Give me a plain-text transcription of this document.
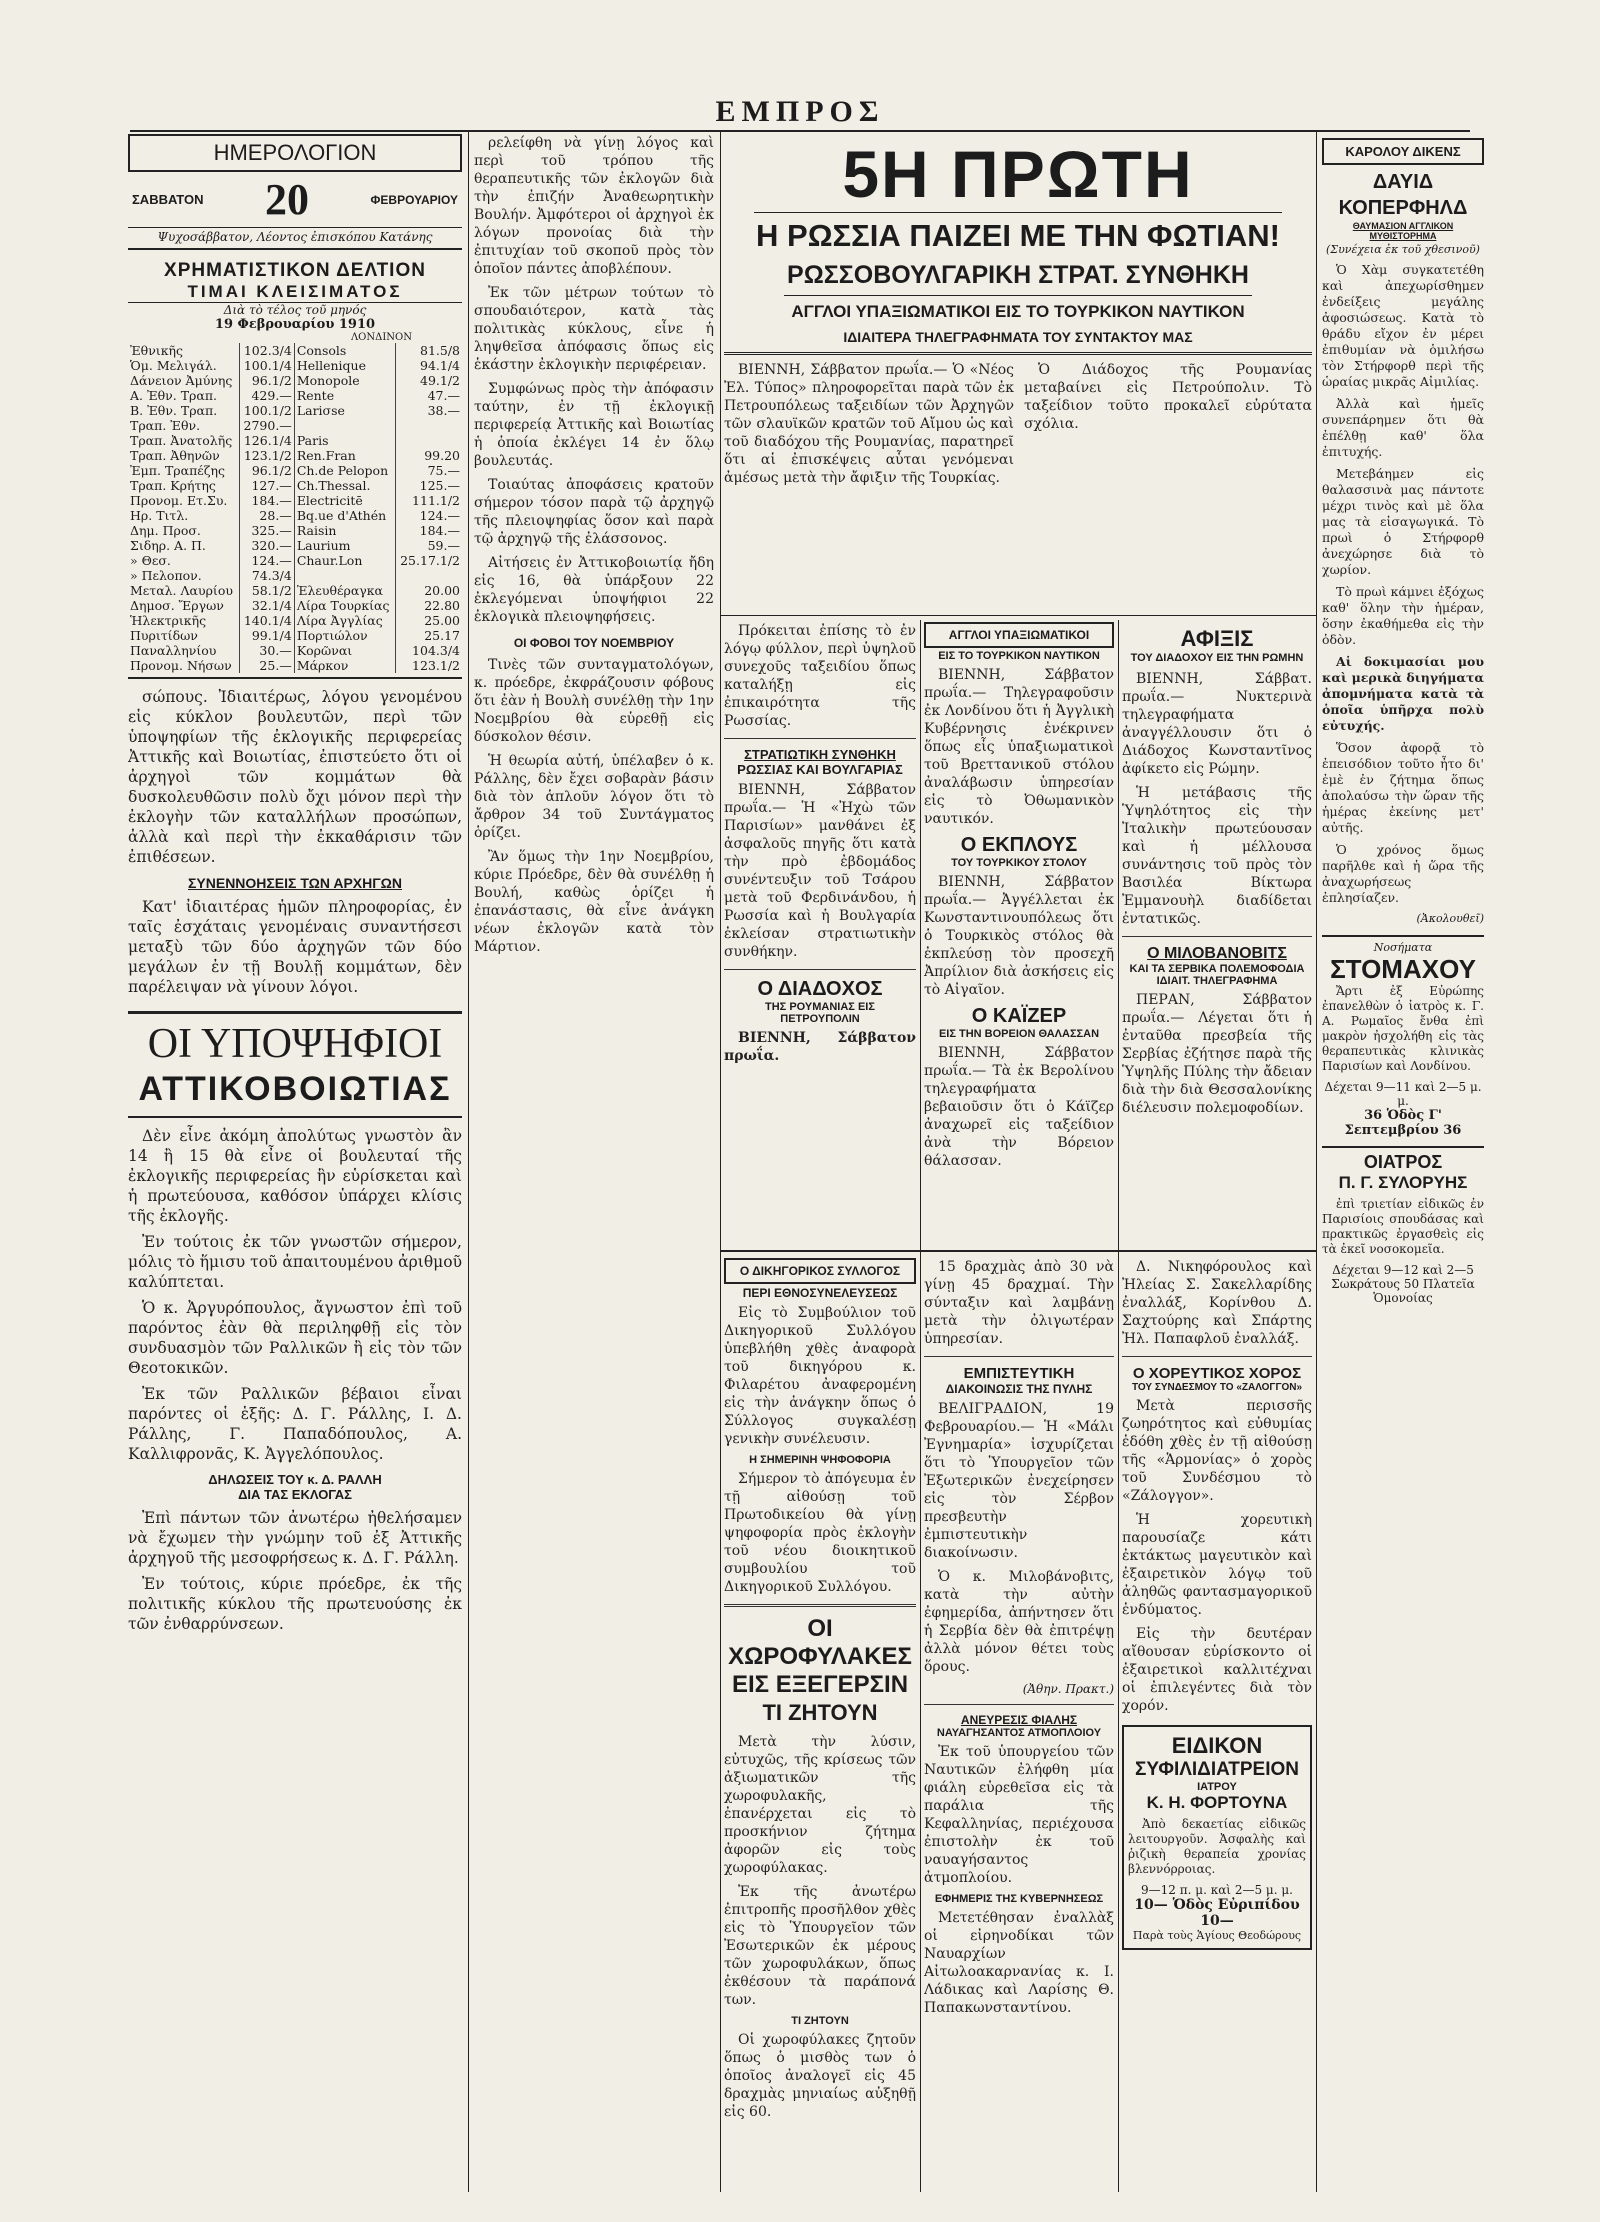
ΕΜΠΡΟΣ
ΗΜΕΡΟΛΟΓΙΟΝ
ΣΑΒΒΑΤΟΝ 20	ΦΕΒΡΟΥΑΡΙΟΥ
Ψυχοσάββατον, Λέοντος ἐπισκόπου Κατάνης
ΧΡΗΜΑΤΙΣΤΙΚΟΝ ΔΕΛΤΙΟΝ
ΤΙΜΑΙ ΚΛΕΙΣΙΜΑΤΟΣ
Διὰ τὸ τέλος τοῦ μηνός
19 Φεβρουαρίου 1910
ΛΟΝΔΙΝΟΝ
Ἐθνικῆς	102.3/4	Consols	81.5/8
Ὁμ. Μελιγάλ.	100.1/4	Hellenique	94.1/4
Δάνειον Ἀμύνης	96.1/2	Monopole	49.1/2
Α. Ἐθν. Τραπ.	429.—	Rente	47.—
Β. Ἐθν. Τραπ.	100.1/2	Lariσse	38.—
Τραπ. Ἐθν.	2790.—		
Τραπ. Ἀνατολῆς	126.1/4	Paris	
Τραπ. Ἀθηνῶν	123.1/2	Ren.Fran	99.20
Ἐμπ. Τραπέζης	96.1/2	Ch.de Pelopon	75.—
Τραπ. Κρήτης	127.—	Ch.Thessal.	125.—
Προνομ. Ετ.Συ.	184.—	Electricitē	111.1/2
Ηρ. Τιτλ.	28.—	Bq.ue d'Athén	124.—
Δημ. Προσ.	325.—	Raisin	184.—
Σιδηρ. Α. Π.	320.—	Laurium	59.—
» Θεσ.	124.—	Chaur.Lon	25.17.1/2
» Πελοπον.	74.3/4		
Μεταλ. Λαυρίου	58.1/2	Ἐλευθέραγκα	20.00
Δημοσ. Ἔργων	32.1/4	Λίρα Τουρκίας	22.80
Ἡλεκτρικῆς	140.1/4	Λίρα Ἀγγλίας	25.00
Πυριτίδων	99.1/4	Πορτιώλον	25.17
Παναλληνίου	30.—	Κορῶναι	104.3/4
Προνομ. Νήσων	25.—	Μάρκον	123.1/2

σώπους. Ἰδιαιτέρως, λόγου γενομένου εἰς κύκλον βουλευτῶν, περὶ τῶν ὑποψηφίων τῆς ἐκλογικῆς περιφερείας Ἀττικῆς καὶ Βοιωτίας, ἐπιστεύετο ὅτι οἱ ἀρχηγοὶ τῶν κομμάτων θὰ δυσκολευθῶσιν πολὺ ὄχι μόνον περὶ τὴν ἐκλογὴν τῶν καταλλήλων προσώπων, ἀλλὰ καὶ περὶ τὴν ἐκκαθάρισιν τῶν ἐπιθέσεων.

ΣΥΝΕΝΝΟΗΣΕΙΣ ΤΩΝ ΑΡΧΗΓΩΝ

Κατ' ἰδιαιτέρας ἡμῶν πληροφορίας, ἐν ταῖς ἐσχάταις γενομέναις συναντήσεσι μεταξὺ τῶν δύο ἀρχηγῶν τῶν δύο μεγάλων ἐν τῇ Βουλῇ κομμάτων, δὲν παρέλειψαν νὰ γίνουν λόγοι.

ΟΙ ΥΠΟΨΗΦΙΟΙ
ΑΤΤΙΚΟΒΟΙΩΤΙΑΣ

Δὲν εἶνε ἀκόμη ἀπολύτως γνωστὸν ἂν 14 ἢ 15 θὰ εἶνε οἱ βουλευταί τῆς ἐκλογικῆς περιφερείας ἣν εὑρίσκεται καὶ ἡ πρωτεύουσα, καθόσον ὑπάρχει κλίσις τῆς ἐκλογῆς.

Ἐν τούτοις ἐκ τῶν γνωστῶν σήμερον, μόλις τὸ ἥμισυ τοῦ ἀπαιτουμένου ἀριθμοῦ καλύπτεται.

Ὁ κ. Ἀργυρόπουλος, ἄγνωστον ἐπὶ τοῦ παρόντος ἐὰν θὰ περιληφθῇ εἰς τὸν συνδυασμὸν τῶν Ραλλικῶν ἢ εἰς τὸν τῶν Θεοτοκικῶν.

Ἐκ τῶν Ραλλικῶν βέβαιοι εἶναι παρόντες οἱ ἑξῆς: Δ. Γ. Ράλλης, Ι. Δ. Ράλλης, Γ. Παπαδόπουλος, Α. Καλλιφρονᾶς, Κ. Ἀγγελόπουλος.

ΔΗΛΩΣΕΙΣ ΤΟΥ κ. Δ. ΡΑΛΛΗ
ΔΙΑ ΤΑΣ ΕΚΛΟΓΑΣ

Ἐπὶ πάντων τῶν ἀνωτέρω ἠθελήσαμεν νὰ ἔχωμεν τὴν γνώμην τοῦ ἐξ Ἀττικῆς ἀρχηγοῦ τῆς μεσοφρήσεως κ. Δ. Γ. Ράλλη.

Ἐν τούτοις, κύριε πρόεδρε, ἐκ τῆς πολιτικῆς κύκλου τῆς πρωτευούσης ἐκ τῶν ἐνθαρρύνσεων.

ρελείφθη νὰ γίνῃ λόγος καὶ περὶ τοῦ τρόπου τῆς θεραπευτικῆς τῶν ἐκλογῶν διὰ τὴν ἐπιζήν Ἀναθεωρητικὴν Βουλήν. Ἀμφότεροι οἱ ἀρχηγοὶ ἐκ λόγων προνοίας διὰ τὴν ἐπιτυχίαν τοῦ σκοποῦ πρὸς τὸν ὁποῖον πάντες ἀποβλέπουν.

Ἐκ τῶν μέτρων τούτων τὸ σπουδαιότερον, κατὰ τὰς πολιτικὰς κύκλους, εἶνε ἡ ληψθεῖσα ἀπόφασις ὅπως εἰς ἑκάστην ἐκλογικὴν περιφέρειαν.

Συμφώνως πρὸς τὴν ἀπόφασιν ταύτην, ἐν τῇ ἐκλογικῇ περιφερείᾳ Ἀττικῆς καὶ Βοιωτίας ἡ ὁποία ἐκλέγει 14 ἐν ὅλῳ βουλευτάς.

Τοιαύτας ἀποφάσεις κρατοῦν σήμερον τόσον παρὰ τῷ ἀρχηγῷ τῆς πλειοψηφίας ὅσον καὶ παρὰ τῷ ἀρχηγῷ τῆς ἐλάσσονος.

Αἰτήσεις ἐν Ἀττικοβοιωτίᾳ ἤδη εἰς 16, θὰ ὑπάρξουν 22 ἐκλεγόμεναι ὑποψήφιοι 22 ἐκλογικὰ πλειοψηφήσεις.

ΟΙ ΦΟΒΟΙ ΤΟΥ ΝΟΕΜΒΡΙΟΥ

Τινὲς τῶν συνταγματολόγων, κ. πρόεδρε, ἐκφράζουσιν φόβους ὅτι ἐὰν ἡ Βουλὴ συνέλθῃ τὴν 1ην Νοεμβρίου θὰ εὑρεθῇ εἰς δύσκολον θέσιν.

Ἡ θεωρία αὐτή, ὑπέλαβεν ὁ κ. Ράλλης, δὲν ἔχει σοβαρὰν βάσιν διὰ τὸν ἁπλοῦν λόγον ὅτι τὸ ἄρθρον 34 τοῦ Συντάγματος ὁρίζει.

Ἂν ὅμως τὴν 1ην Νοεμβρίου, κύριε Πρόεδρε, δὲν θὰ συνέλθῃ ἡ Βουλή, καθὼς ὁρίζει ἡ ἐπανάστασις, θὰ εἶνε ἀνάγκη νέων ἐκλογῶν κατὰ τὸν Μάρτιον.

5Η ΠΡΩΤΗ
Η ΡΩΣΣΙΑ ΠΑΙΖΕΙ ΜΕ ΤΗΝ ΦΩΤΙΑΝ!
ΡΩΣΣΟΒΟΥΛΓΑΡΙΚΗ ΣΤΡΑΤ. ΣΥΝΘΗΚΗ
ΑΓΓΛΟΙ ΥΠΑΞΙΩΜΑΤΙΚΟΙ ΕΙΣ ΤΟ ΤΟΥΡΚΙΚΟΝ ΝΑΥΤΙΚΟΝ
ΙΔΙΑΙΤΕΡΑ ΤΗΛΕΓΡΑΦΗΜΑΤΑ ΤΟΥ ΣΥΝΤΑΚΤΟΥ ΜΑΣ

ΒΙΕΝΝΗ, Σάββατον πρωΐα.— Ὁ «Νέος Ἐλ. Τύπος» πληροφορεῖται παρὰ τῶν ἐκ Πετρουπόλεως ταξειδίων τῶν Ἀρχηγῶν τῶν σλαυϊκῶν κρατῶν τοῦ Αἴμου ὡς καὶ τοῦ διαδόχου τῆς Ρουμανίας, παρατηρεῖ ὅτι αἱ ἐπισκέψεις αὗται γενόμεναι ἀμέσως μετὰ τὴν ἄφιξιν τῆς Τουρκίας.

Ὁ Διάδοχος τῆς Ρουμανίας μεταβαίνει εἰς Πετρούπολιν. Τὸ ταξείδιον τοῦτο προκαλεῖ εὐρύτατα σχόλια.

ΚΑΡΟΛΟΥ ΔΙΚΕΝΣ
ΔΑΥΙΔ ΚΟΠΕΡΦΗΛΔ
ΘΑΥΜΑΣΙΟΝ ΑΓΓΛΙΚΟΝ ΜΥΘΙΣΤΟΡΗΜΑ
(Συνέχεια ἐκ τοῦ χθεσινοῦ)

Ὁ Χὰμ συγκατετέθη καὶ ἀπεχωρίσθημεν ἐνδείξεις μεγάλης ἀφοσιώσεως. Κατὰ τὸ θράδυ εἴχον ἐν μέρει ἐπιθυμίαν νὰ ὁμιλήσω τὸν Στήρφορθ περὶ τῆς ὡραίας μικρᾶς Αἰμιλίας.

Ἀλλὰ καὶ ἡμεῖς συνεπάρημεν ὅτι θὰ ἐπέλθῃ καθ' ὅλα ἐπιτυχής.

Μετεβάημεν εἰς θαλασσινὰ μας πάντοτε μέχρι τινὸς καὶ μὲ ὅλα μας τὰ εἰσαγωγικά. Τὸ πρωὶ ὁ Στήρφορθ ἀνεχώρησε διὰ τὸ χωρίον.

Τὸ πρωὶ κάμνει ἐξόχως καθ' ὅλην τὴν ἡμέραν, ὅσην ἐκαθήμεθα εἰς τὴν ὁδὸν.

Αἱ δοκιμασίαι μου καὶ μερικὰ διηγήματα ἀπομνήματα κατὰ τὰ ὁποῖα ὑπῆρχα πολὺ εὐτυχής.

Ὅσον ἀφορᾷ τὸ ἐπεισόδιον τοῦτο ἦτο δι' ἐμὲ ἐν ζήτημα ὅπως ἀπολαύσω τὴν ὥραν τῆς ἡμέρας ἐκείνης μετ' αὐτῆς.

Ὁ χρόνος ὅμως παρῆλθε καὶ ἡ ὥρα τῆς ἀναχωρήσεως ἐπλησίαζεν.

(Ἀκολουθεῖ)
Νοσήματα
ΣΤΟΜΑΧΟΥ

Ἄρτι ἐξ Εὐρώπης ἐπανελθὼν ὁ ἰατρὸς κ. Γ. Α. Ρωμαῖος ἔνθα ἐπὶ μακρὸν ἠσχολήθη εἰς τὰς θεραπευτικὰς κλινικὰς Παρισίων καὶ Λονδίνου.

Δέχεται 9—11 καὶ 2—5 μ. μ.
36 Ὁδὸς Γ' Σεπτεμβρίου 36
ΟΙΑΤΡΟΣ
Π. Γ. ΣΥΛΟΡΥΗΣ

ἐπὶ τριετίαν εἰδικῶς ἐν Παρισίοις σπουδάσας καὶ πρακτικῶς ἐργασθεὶς εἰς τὰ ἐκεῖ νοσοκομεῖα.

Δέχεται 9—12 καὶ 2—5
Σωκράτους 50 Πλατεῖα Ὁμονοίας

Πρόκειται ἐπίσης τὸ ἐν λόγῳ φύλλον, περὶ ὑψηλοῦ συνεχοῦς ταξειδίου ὅπως καταλήξῃ εἰς ἐπικαιρότητα τῆς Ρωσσίας.

ΣΤΡΑΤΙΩΤΙΚΗ ΣΥΝΘΗΚΗ
ΡΩΣΣΙΑΣ ΚΑΙ ΒΟΥΛΓΑΡΙΑΣ

ΒΙΕΝΝΗ, Σάββατον πρωΐα.— Ἡ «Ἠχὼ τῶν Παρισίων» μανθάνει ἐξ ἀσφαλοῦς πηγῆς ὅτι κατὰ τὴν πρὸ ἐβδομάδος συνέντευξιν τοῦ Τσάρου μετὰ τοῦ Φερδινάνδου, ἡ Ρωσσία καὶ ἡ Βουλγαρία ἐκλείσαν στρατιωτικὴν συνθήκην.

Ο ΔΙΑΔΟΧΟΣ
ΤΗΣ ΡΟΥΜΑΝΙΑΣ ΕΙΣ ΠΕΤΡΟΥΠΟΛΙΝ

ΒΙΕΝΝΗ, Σάββατον πρωΐα.

ΑΓΓΛΟΙ ΥΠΑΞΙΩΜΑΤΙΚΟΙ
ΕΙΣ ΤΟ ΤΟΥΡΚΙΚΟΝ ΝΑΥΤΙΚΟΝ

ΒΙΕΝΝΗ, Σάββατον πρωΐα.— Τηλεγραφοῦσιν ἐκ Λονδίνου ὅτι ἡ Ἀγγλικὴ Κυβέρνησις ἐνέκρινεν ὅπως εἷς ὑπαξιωματικοὶ τοῦ Βρεττανικοῦ στόλου ἀναλάβωσιν ὑπηρεσίαν εἰς τὸ Ὀθωμανικὸν ναυτικόν.

Ο ΕΚΠΛΟΥΣ
ΤΟΥ ΤΟΥΡΚΙΚΟΥ ΣΤΟΛΟΥ

ΒΙΕΝΝΗ, Σάββατον πρωΐα.— Ἀγγέλλεται ἐκ Κωνσταντινουπόλεως ὅτι ὁ Τουρκικὸς στόλος θὰ ἐκπλεύσῃ τὸν προσεχῆ Ἀπρίλιον διὰ ἀσκήσεις εἰς τὸ Αἰγαῖον.

Ο ΚΑΪΖΕΡ
ΕΙΣ ΤΗΝ ΒΟΡΕΙΟΝ ΘΑΛΑΣΣΑΝ

ΒΙΕΝΝΗ, Σάββατον πρωΐα.— Τὰ ἐκ Βερολίνου τηλεγραφήματα βεβαιοῦσιν ὅτι ὁ Κάϊζερ ἀναχωρεῖ εἰς ταξείδιον ἀνὰ τὴν Βόρειον θάλασσαν.

ΑΦΙΞΙΣ
ΤΟΥ ΔΙΑΔΟΧΟΥ ΕΙΣ ΤΗΝ ΡΩΜΗΝ

ΒΙΕΝΝΗ, Σάββατ. πρωΐα.— Νυκτερινὰ τηλεγραφήματα ἀναγγέλλουσιν ὅτι ὁ Διάδοχος Κωνσταντῖνος ἀφίκετο εἰς Ρώμην.

Ἡ μετάβασις τῆς Ὑψηλότητος εἰς τὴν Ἰταλικὴν πρωτεύουσαν καὶ ἡ μέλλουσα συνάντησις τοῦ πρὸς τὸν Βασιλέα Βίκτωρα Ἐμμανουὴλ διαδίδεται ἐντατικῶς.

Ο ΜΙΛΟΒΑΝΟΒΙΤΣ
ΚΑΙ ΤΑ ΣΕΡΒΙΚΑ ΠΟΛΕΜΟΦΟΔΙΑ
ΙΔΙΑΙΤ. ΤΗΛΕΓΡΑΦΗΜΑ

ΠΕΡΑΝ, Σάββατον πρωΐα.— Λέγεται ὅτι ἡ ἐνταῦθα πρεσβεία τῆς Σερβίας ἐζήτησε παρὰ τῆς Ὑψηλῆς Πύλης τὴν ἄδειαν διὰ τὴν διὰ Θεσσαλονίκης διέλευσιν πολεμοφοδίων.

Ο ΔΙΚΗΓΟΡΙΚΟΣ ΣΥΛΛΟΓΟΣ
ΠΕΡΙ ΕΘΝΟΣΥΝΕΛΕΥΣΕΩΣ

Εἰς τὸ Συμβούλιον τοῦ Δικηγορικοῦ Συλλόγου ὑπεβλήθη χθὲς ἀναφορὰ τοῦ δικηγόρου κ. Φιλαρέτου ἀναφερομένη εἰς τὴν ἀνάγκην ὅπως ὁ Σύλλογος συγκαλέσῃ γενικὴν συνέλευσιν.

Η ΣΗΜΕΡΙΝΗ ΨΗΦΟΦΟΡΙΑ

Σήμερον τὸ ἀπόγευμα ἐν τῇ αἰθούσῃ τοῦ Πρωτοδικείου θὰ γίνῃ ψηφοφορία πρὸς ἐκλογὴν τοῦ νέου διοικητικοῦ συμβουλίου τοῦ Δικηγορικοῦ Συλλόγου.

ΟΙ ΧΩΡΟΦΥΛΑΚΕΣ
ΕΙΣ ΕΞΕΓΕΡΣΙΝ
ΤΙ ΖΗΤΟΥΝ

Μετὰ τὴν λύσιν, εὐτυχῶς, τῆς κρίσεως τῶν ἀξιωματικῶν τῆς χωροφυλακῆς, ἐπανέρχεται εἰς τὸ προσκήνιον ζήτημα ἀφορῶν εἰς τοὺς χωροφύλακας.

Ἐκ τῆς ἀνωτέρω ἐπιτροπῆς προσῆλθον χθὲς εἰς τὸ Ὑπουργεῖον τῶν Ἐσωτερικῶν ἐκ μέρους τῶν χωροφυλάκων, ὅπως ἐκθέσουν τὰ παράπονά των.

ΤΙ ΖΗΤΟΥΝ

Οἱ χωροφύλακες ζητοῦν ὅπως ὁ μισθὸς των ὁ ὁποῖος ἀναλογεῖ εἰς 45 δραχμὰς μηνιαίως αὐξηθῇ εἰς 60.

15 δραχμὰς ἀπὸ 30 νὰ γίνῃ 45 δραχμαί. Τὴν σύνταξιν καὶ λαμβάνῃ μετὰ τὴν ὀλιγωτέραν ὑπηρεσίαν.

ΕΜΠΙΣΤΕΥΤΙΚΗ
ΔΙΑΚΟΙΝΩΣΙΣ ΤΗΣ ΠΥΛΗΣ

ΒΕΛΙΓΡΑΔΙΟΝ, 19 Φεβρουαρίου.— Ἡ «Μάλι Ἐγνημαρία» ἰσχυρίζεται ὅτι τὸ Ὑπουργεῖον τῶν Ἐξωτερικῶν ἐνεχείρησεν εἰς τὸν Σέρβον πρεσβευτὴν ἐμπιστευτικὴν διακοίνωσιν.

Ὁ κ. Μιλοβάνοβιτς, κατὰ τὴν αὐτὴν ἐφημερίδα, ἀπήντησεν ὅτι ἡ Σερβία δὲν θὰ ἐπιτρέψῃ ἀλλὰ μόνον θέτει τοὺς ὅρους.

(Ἀθην. Πρακτ.)
ΑΝΕΥΡΕΣΙΣ ΦΙΑΛΗΣ
ΝΑΥΑΓΗΣΑΝΤΟΣ ΑΤΜΟΠΛΟΙΟΥ

Ἐκ τοῦ ὑπουργείου τῶν Ναυτικῶν ἐλήφθη μία φιάλη εὑρεθεῖσα εἰς τὰ παράλια τῆς Κεφαλληνίας, περιέχουσα ἐπιστολὴν ἐκ τοῦ ναυαγήσαντος ἀτμοπλοίου.

ΕΦΗΜΕΡΙΣ ΤΗΣ ΚΥΒΕΡΝΗΣΕΩΣ

Μετετέθησαν ἐναλλὰξ οἱ εἰρηνοδίκαι τῶν Ναυαρχίων Αἰτωλοακαρνανίας κ. Ι. Λάδικας καὶ Λαρίσης Θ. Παπακωνσταντίνου.

Δ. Νικηφόρουλος καὶ Ἠλείας Σ. Σακελλαρίδης ἐναλλάξ, Κορίνθου Δ. Σαχτούρης καὶ Σπάρτης Ἠλ. Παπαφλοῦ ἐναλλάξ.

Ο ΧΟΡΕΥΤΙΚΟΣ ΧΟΡΟΣ
ΤΟΥ ΣΥΝΔΕΣΜΟΥ ΤΟ «ΖΑΛΟΓΓΟΝ»

Μετὰ περισσῆς ζωηρότητος καὶ εὐθυμίας ἐδόθη χθὲς ἐν τῇ αἰθούσῃ τῆς «Ἁρμονίας» ὁ χορὸς τοῦ Συνδέσμου τὸ «Ζάλογγον».

Ἡ χορευτικὴ παρουσίαζε κάτι ἐκτάκτως μαγευτικὸν καὶ ἐξαιρετικὸν λόγῳ τοῦ ἀληθῶς φαντασμαγορικοῦ ἐνδύματος.

Εἰς τὴν δευτέραν αἴθουσαν εὑρίσκοντο οἱ ἐξαιρετικοὶ καλλιτέχναι οἱ ἐπιλεγέντες διὰ τὸν χορόν.

ΕΙΔΙΚΟΝ
ΣΥΦΙΛΙΔΙΑΤΡΕΙΟΝ
ΙΑΤΡΟΥ
Κ. Η. ΦΟΡΤΟΥΝΑ

Ἀπὸ δεκαετίας εἰδικῶς λειτουργοῦν. Ἀσφαλὴς καὶ ῥιζικὴ θεραπεία χρονίας βλεννόρροιας.

9—12 π. μ. καὶ 2—5 μ. μ.
10— Ὁδὸς Εὐριπίδου 10—
Παρὰ τοὺς Ἁγίους Θεοδώρους
